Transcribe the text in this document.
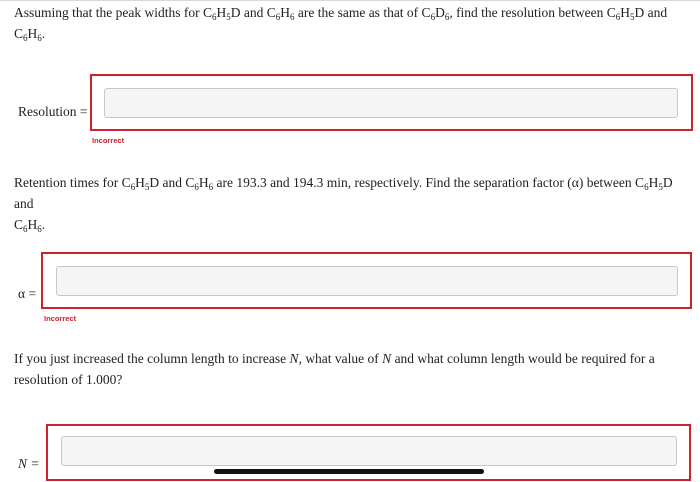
Assuming that the peak widths for $C_6H_5D$ and $C_6H_6$ are the same as that of $C_6D_6$, find the resolution between $C_6H_5D$ and
$C_6H_6$.
Resolution =
Incorrect
Retention times for $C_6H_5D$ and $C_6H_6$ are 193.3 and 194.3 min, respectively. Find the separation factor (α) between $C_6H_5D$ and
$C_6H_6$.
α =
Incorrect
If you just increased the column length to increase N, what value of N and what column length would be required for a
resolution of 1.000?
N =
